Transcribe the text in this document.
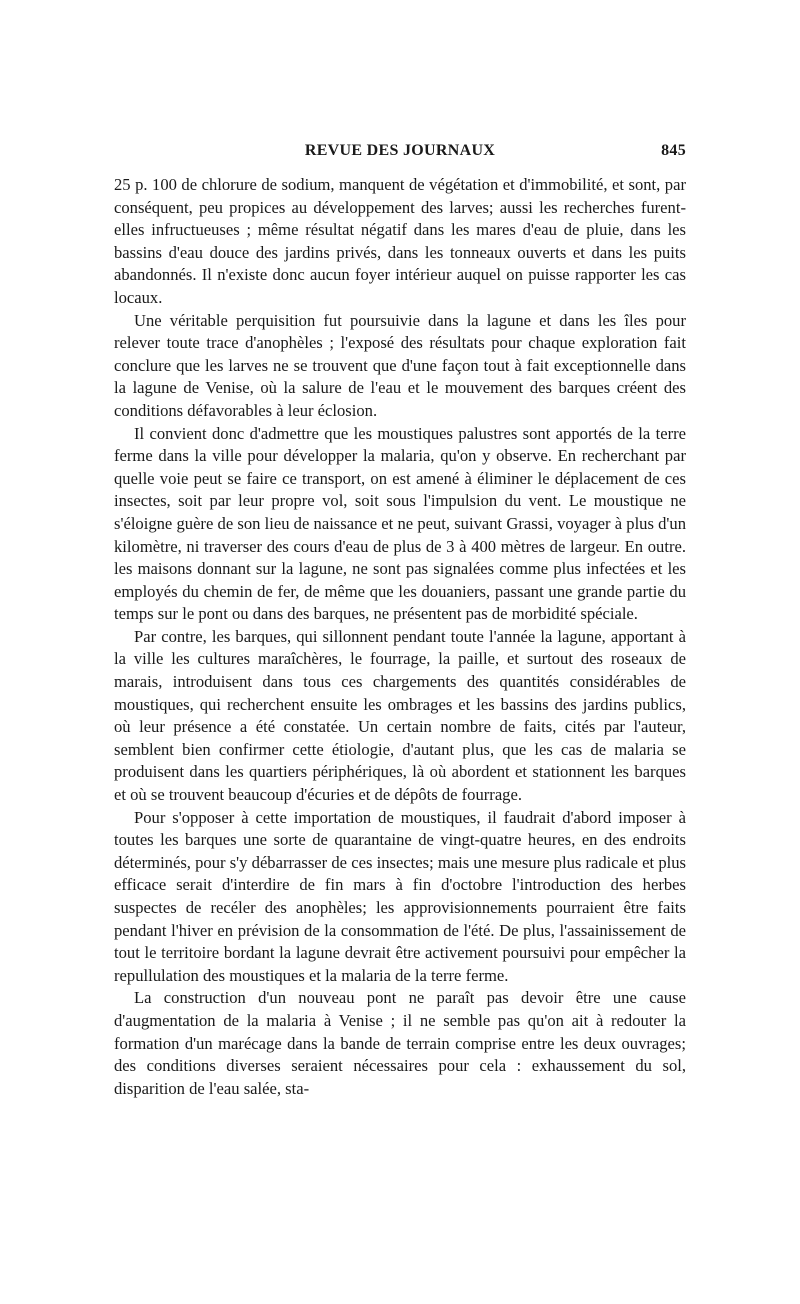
REVUE DES JOURNAUX	845

25 p. 100 de chlorure de sodium, manquent de végétation et d'immobilité, et sont, par conséquent, peu propices au développement des larves; aussi les recherches furent-elles infructueuses ; même résultat négatif dans les mares d'eau de pluie, dans les bassins d'eau douce des jardins privés, dans les tonneaux ouverts et dans les puits abandonnés. Il n'existe donc aucun foyer intérieur auquel on puisse rapporter les cas locaux.

Une véritable perquisition fut poursuivie dans la lagune et dans les îles pour relever toute trace d'anophèles ; l'exposé des résultats pour chaque exploration fait conclure que les larves ne se trouvent que d'une façon tout à fait exceptionnelle dans la lagune de Venise, où la salure de l'eau et le mouvement des barques créent des conditions défavorables à leur éclosion.

Il convient donc d'admettre que les moustiques palustres sont apportés de la terre ferme dans la ville pour développer la malaria, qu'on y observe. En recherchant par quelle voie peut se faire ce transport, on est amené à éliminer le déplacement de ces insectes, soit par leur propre vol, soit sous l'impulsion du vent. Le moustique ne s'éloigne guère de son lieu de naissance et ne peut, suivant Grassi, voyager à plus d'un kilomètre, ni traverser des cours d'eau de plus de 3 à 400 mètres de largeur. En outre. les maisons donnant sur la lagune, ne sont pas signalées comme plus infectées et les employés du chemin de fer, de même que les douaniers, passant une grande partie du temps sur le pont ou dans des barques, ne présentent pas de morbidité spéciale.

Par contre, les barques, qui sillonnent pendant toute l'année la lagune, apportant à la ville les cultures maraîchères, le fourrage, la paille, et surtout des roseaux de marais, introduisent dans tous ces chargements des quantités considérables de moustiques, qui recherchent ensuite les ombrages et les bassins des jardins publics, où leur présence a été constatée. Un certain nombre de faits, cités par l'auteur, semblent bien confirmer cette étiologie, d'autant plus, que les cas de malaria se produisent dans les quartiers périphériques, là où abordent et stationnent les barques et où se trouvent beaucoup d'écuries et de dépôts de fourrage.

Pour s'opposer à cette importation de moustiques, il faudrait d'abord imposer à toutes les barques une sorte de quarantaine de vingt-quatre heures, en des endroits déterminés, pour s'y débarrasser de ces insectes; mais une mesure plus radicale et plus efficace serait d'interdire de fin mars à fin d'octobre l'introduction des herbes suspectes de recéler des anophèles; les approvisionnements pourraient être faits pendant l'hiver en prévision de la consommation de l'été. De plus, l'assainissement de tout le territoire bordant la lagune devrait être activement poursuivi pour empêcher la repullulation des moustiques et la malaria de la terre ferme.

La construction d'un nouveau pont ne paraît pas devoir être une cause d'augmentation de la malaria à Venise ; il ne semble pas qu'on ait à redouter la formation d'un marécage dans la bande de terrain comprise entre les deux ouvrages; des conditions diverses seraient nécessaires pour cela : exhaussement du sol, disparition de l'eau salée, sta-
